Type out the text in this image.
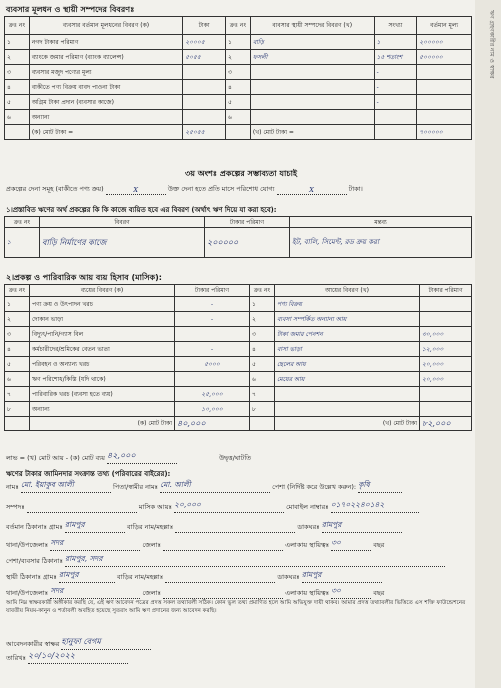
ব্যবসার মূলধন ও স্থায়ী সম্পদের বিবরণঃ
ক্রঃ নং	ব্যবসার বর্তমান মূলধনের বিবরণ (ক)	টাকা	ক্রঃ নং	ব্যবসার স্থায়ী সম্পদের বিবরণ (খ)	সংখ্যা	বর্তমান মূল্য
১	নগদ টাকার পরিমাণ	২০০০৫	১	বাড়ি	১	২০০০০০
২	ব্যাংকে জমার পরিমাণ (ব্যাংক ব্যালেন্স)	৫০৫৫	২	ফসলী	১৫ শতাংশ	৫০০০০০
৩	ব্যবসার মজুদ পণ্যের মূল্য		৩		-	
৪	বাকীতে পণ্য বিক্রয় বাবদ পাওনা টাকা		৪		-	
৫	অগ্রিম টাকা প্রদান (ব্যবসার কাজে)		৫		-	
৬	অন্যান্য		৬			
	(ক) মোট টাকা =	২৫০৫৫		(খ) মোট টাকা =		৭০০০০০
৩য় অংশঃ প্রকল্পের সম্ভাব্যতা যাচাই
প্রকল্পের দেনা সমূহ (বাকীতে পণ্য ক্রয়)	X	উক্ত দেনা হতে প্রতি মাসে পরিশোধ যোগ্য	X	টাকা।
১।প্রস্তাবিত ঋণের অর্থ প্রকল্পের কি কি কাজে ব্যয়িত হবে এর বিবরণ (অর্থাৎ ঋণ দিয়ে যা করা হবে):
ক্রঃ নং	বিবরণ	টাকার পরিমাণ	মন্তব্য
১	বাড়ি নির্মাণের কাজে	২০০০০০	ইট, বালি, সিমেন্ট, রড ক্রয় করা
২।প্রকল্প ও পারিবারিক আয় ব্যয় হিসাব (মাসিক):
ক্রঃ নং	ব্যয়ের বিবরণ (ক)	টাকার পরিমাণ	ক্রঃ নং	আয়ের বিবরণ (খ)	টাকার পরিমাণ
১	পণ্য ক্রয় ও উৎপাদন খরচ	-	১	পণ্য বিক্রয়	
২	দোকান ভাড়া	-	২	ব্যবসা সম্পর্কিত অন্যান্য আয়	
৩	বিদ্যুৎ/পানি/গ্যাস বিল		৩	টাকা জমার পেনশন	৩০,০০০
৪	কর্মচারীদের/শ্রমিকের বেতন ভাতা	-	৪	বাসা ভাড়া	১২,০০০
৫	পরিবহন ও অন্যান্য খরচ	৫০০০	৫	ছেলের আয়	২০,০০০
৬	ঋণ পরিশোধ/কিস্তি (যদি থাকে)		৬	মেয়ের আয়	২০,০০০
৭	পারিবারিক খরচ (ব্যবসা হতে ব্যয়)	২৫,০০০	৭		
৮	অন্যান্য	১০,০০০	৮		
	(ক) মোট টাকা	৪০,০০০		(খ) মোট টাকা	৮২,০০০
লাভ = (খ) মোট আয় - (ক) মোট ব্যয় ৪২,০০০	উদ্বৃত্ত/ঘাটতি
ঋণের টাকার জামিনদার সংক্রান্ত তথ্য (পরিবারের বাইরের):
নামঃ মো. ইয়াকুব আলী	পিতা/স্বামীর নামঃ মো. আলী	পেশা (নির্দিষ্ট করে উল্লেখ করুন): কৃষি
সম্পদঃ	মাসিক আয়ঃ ২০,০০০	মোবাইল নাম্বারঃ ০১৭০২২৪০১৪২
বর্তমান ঠিকানাঃ গ্রামঃ রামপুর	বাড়ির নাম/মহল্লাঃ	ডাকঘরঃ রামপুর
থানা/উপজেলাঃ সদর	জেলাঃ	এলাকায় স্থায়িত্বঃ ৩০	বছর
পেশা/ব্যবসার ঠিকানাঃ রামপুর, সদর
স্থায়ী ঠিকানাঃ গ্রামঃ রামপুর	বাড়ির নাম/মহল্লাঃ	ডাকঘরঃ রামপুর
থানা/উপজেলাঃ সদর	জেলাঃ	এলাকায় স্থায়িত্বঃ ৩০	বছর
আমি নিম্ন স্বাক্ষরকারী অঙ্গীকার করছি যে, এই ঋণ আবেদন পত্রের প্রদত্ত সকল তথ্যাবলী সঠিক। কোন ভুল তথ্য প্রমাণিত হলে আমি অভিযুক্ত দায়ী থাকব। আমার প্রদত্ত তথ্যাবলীর ভিত্তিতে এস শক্তি ফাউন্ডেশনের যাবতীয় নিয়ম-কানুন ও শর্তাবলী অবহিত হয়েছে সুতরাং আমি ঋণ প্রদানের জন্য আবেদন করছি।
আবেদনকারীর স্বাক্ষর হানুফা বেগম
তারিখঃ ২০/১০/২০২২
ঋণ গ্রহণকারীর নাম ও স্বাক্ষর
